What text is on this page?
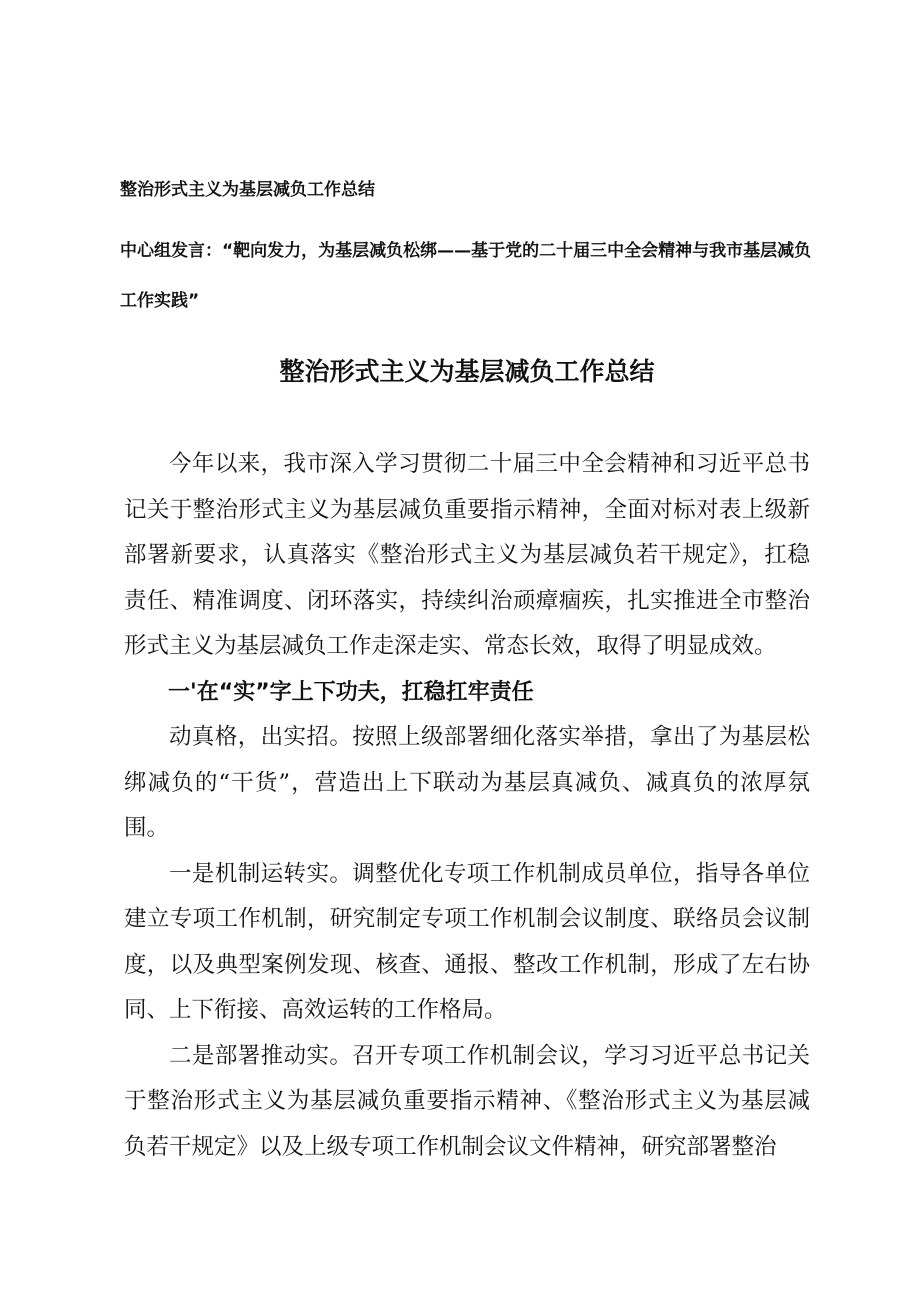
整治形式主义为基层减负工作总结

中心组发言：“靶向发力，为基层减负松绑——基于党的二十届三中全会精神与我市基层减负工作实践”

整治形式主义为基层减负工作总结

今年以来，我市深入学习贯彻二十届三中全会精神和习近平总书记关于整治形式主义为基层减负重要指示精神，全面对标对表上级新部署新要求，认真落实《整治形式主义为基层减负若干规定》，扛稳责任、精准调度、闭环落实，持续纠治顽瘴痼疾，扎实推进全市整治形式主义为基层减负工作走深走实、常态长效，取得了明显成效。

一'在“实”字上下功夫，扛稳扛牢责任

动真格，出实招。按照上级部署细化落实举措，拿出了为基层松绑减负的“干货”，营造出上下联动为基层真减负、减真负的浓厚氛围。

一是机制运转实。调整优化专项工作机制成员单位，指导各单位建立专项工作机制，研究制定专项工作机制会议制度、联络员会议制度，以及典型案例发现、核查、通报、整改工作机制，形成了左右协同、上下衔接、高效运转的工作格局。

二是部署推动实。召开专项工作机制会议，学习习近平总书记关于整治形式主义为基层减负重要指示精神、《整治形式主义为基层减负若干规定》以及上级专项工作机制会议文件精神，研究部署整治
